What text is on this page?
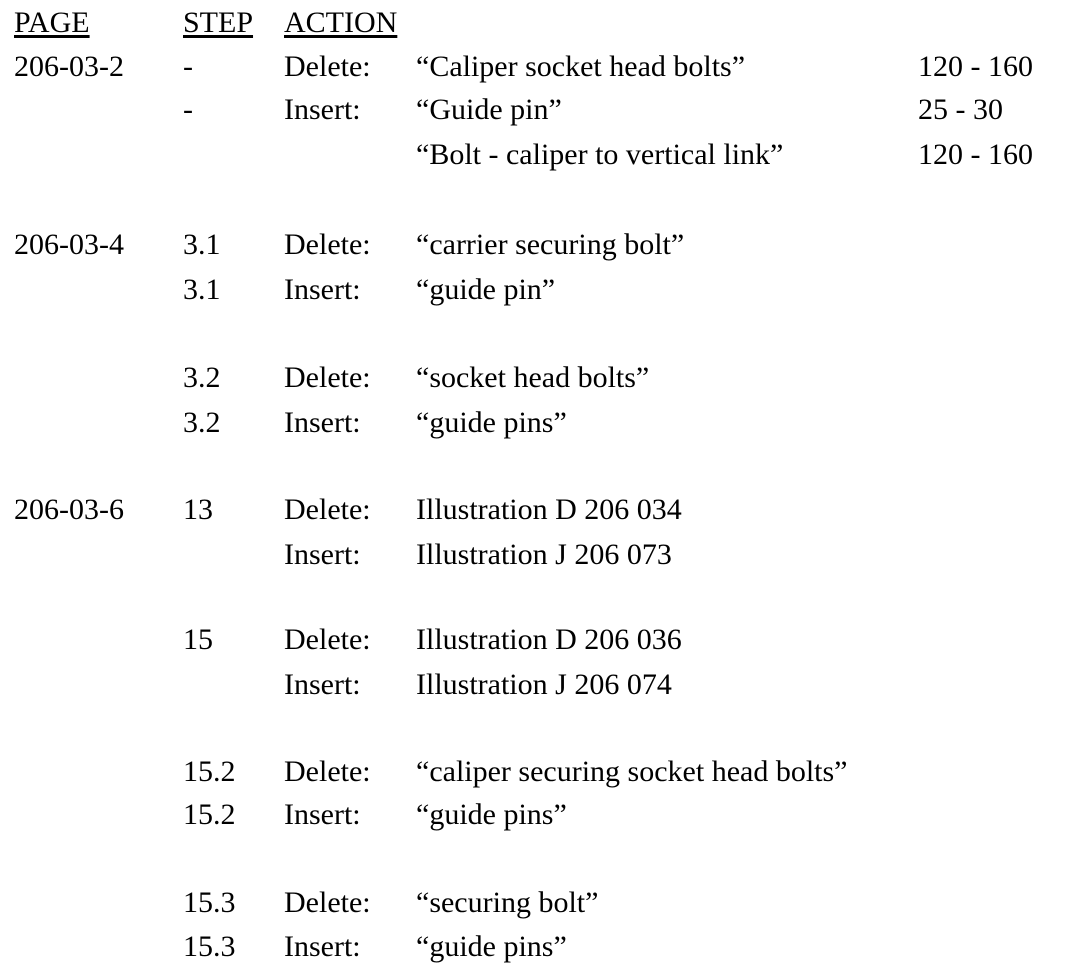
PAGE	STEP ACTION
206-03-2 -	Delete: “Caliper socket head bolts”	120 - 160
-	Insert: “Guide pin”	25 - 30
“Bolt - caliper to vertical link”	120 - 160
206-03-4 3.1 Delete: “carrier securing bolt”
3.1 Insert: “guide pin”
3.2 Delete: “socket head bolts”
3.2 Insert: “guide pins”
206-03-6 13 Delete: Illustration D 206 034
Insert: Illustration J 206 073
15 Delete: Illustration D 206 036
Insert: Illustration J 206 074
15.2 Delete: “caliper securing socket head bolts”
15.2 Insert: “guide pins”
15.3 Delete: “securing bolt”
15.3 Insert: “guide pins”
